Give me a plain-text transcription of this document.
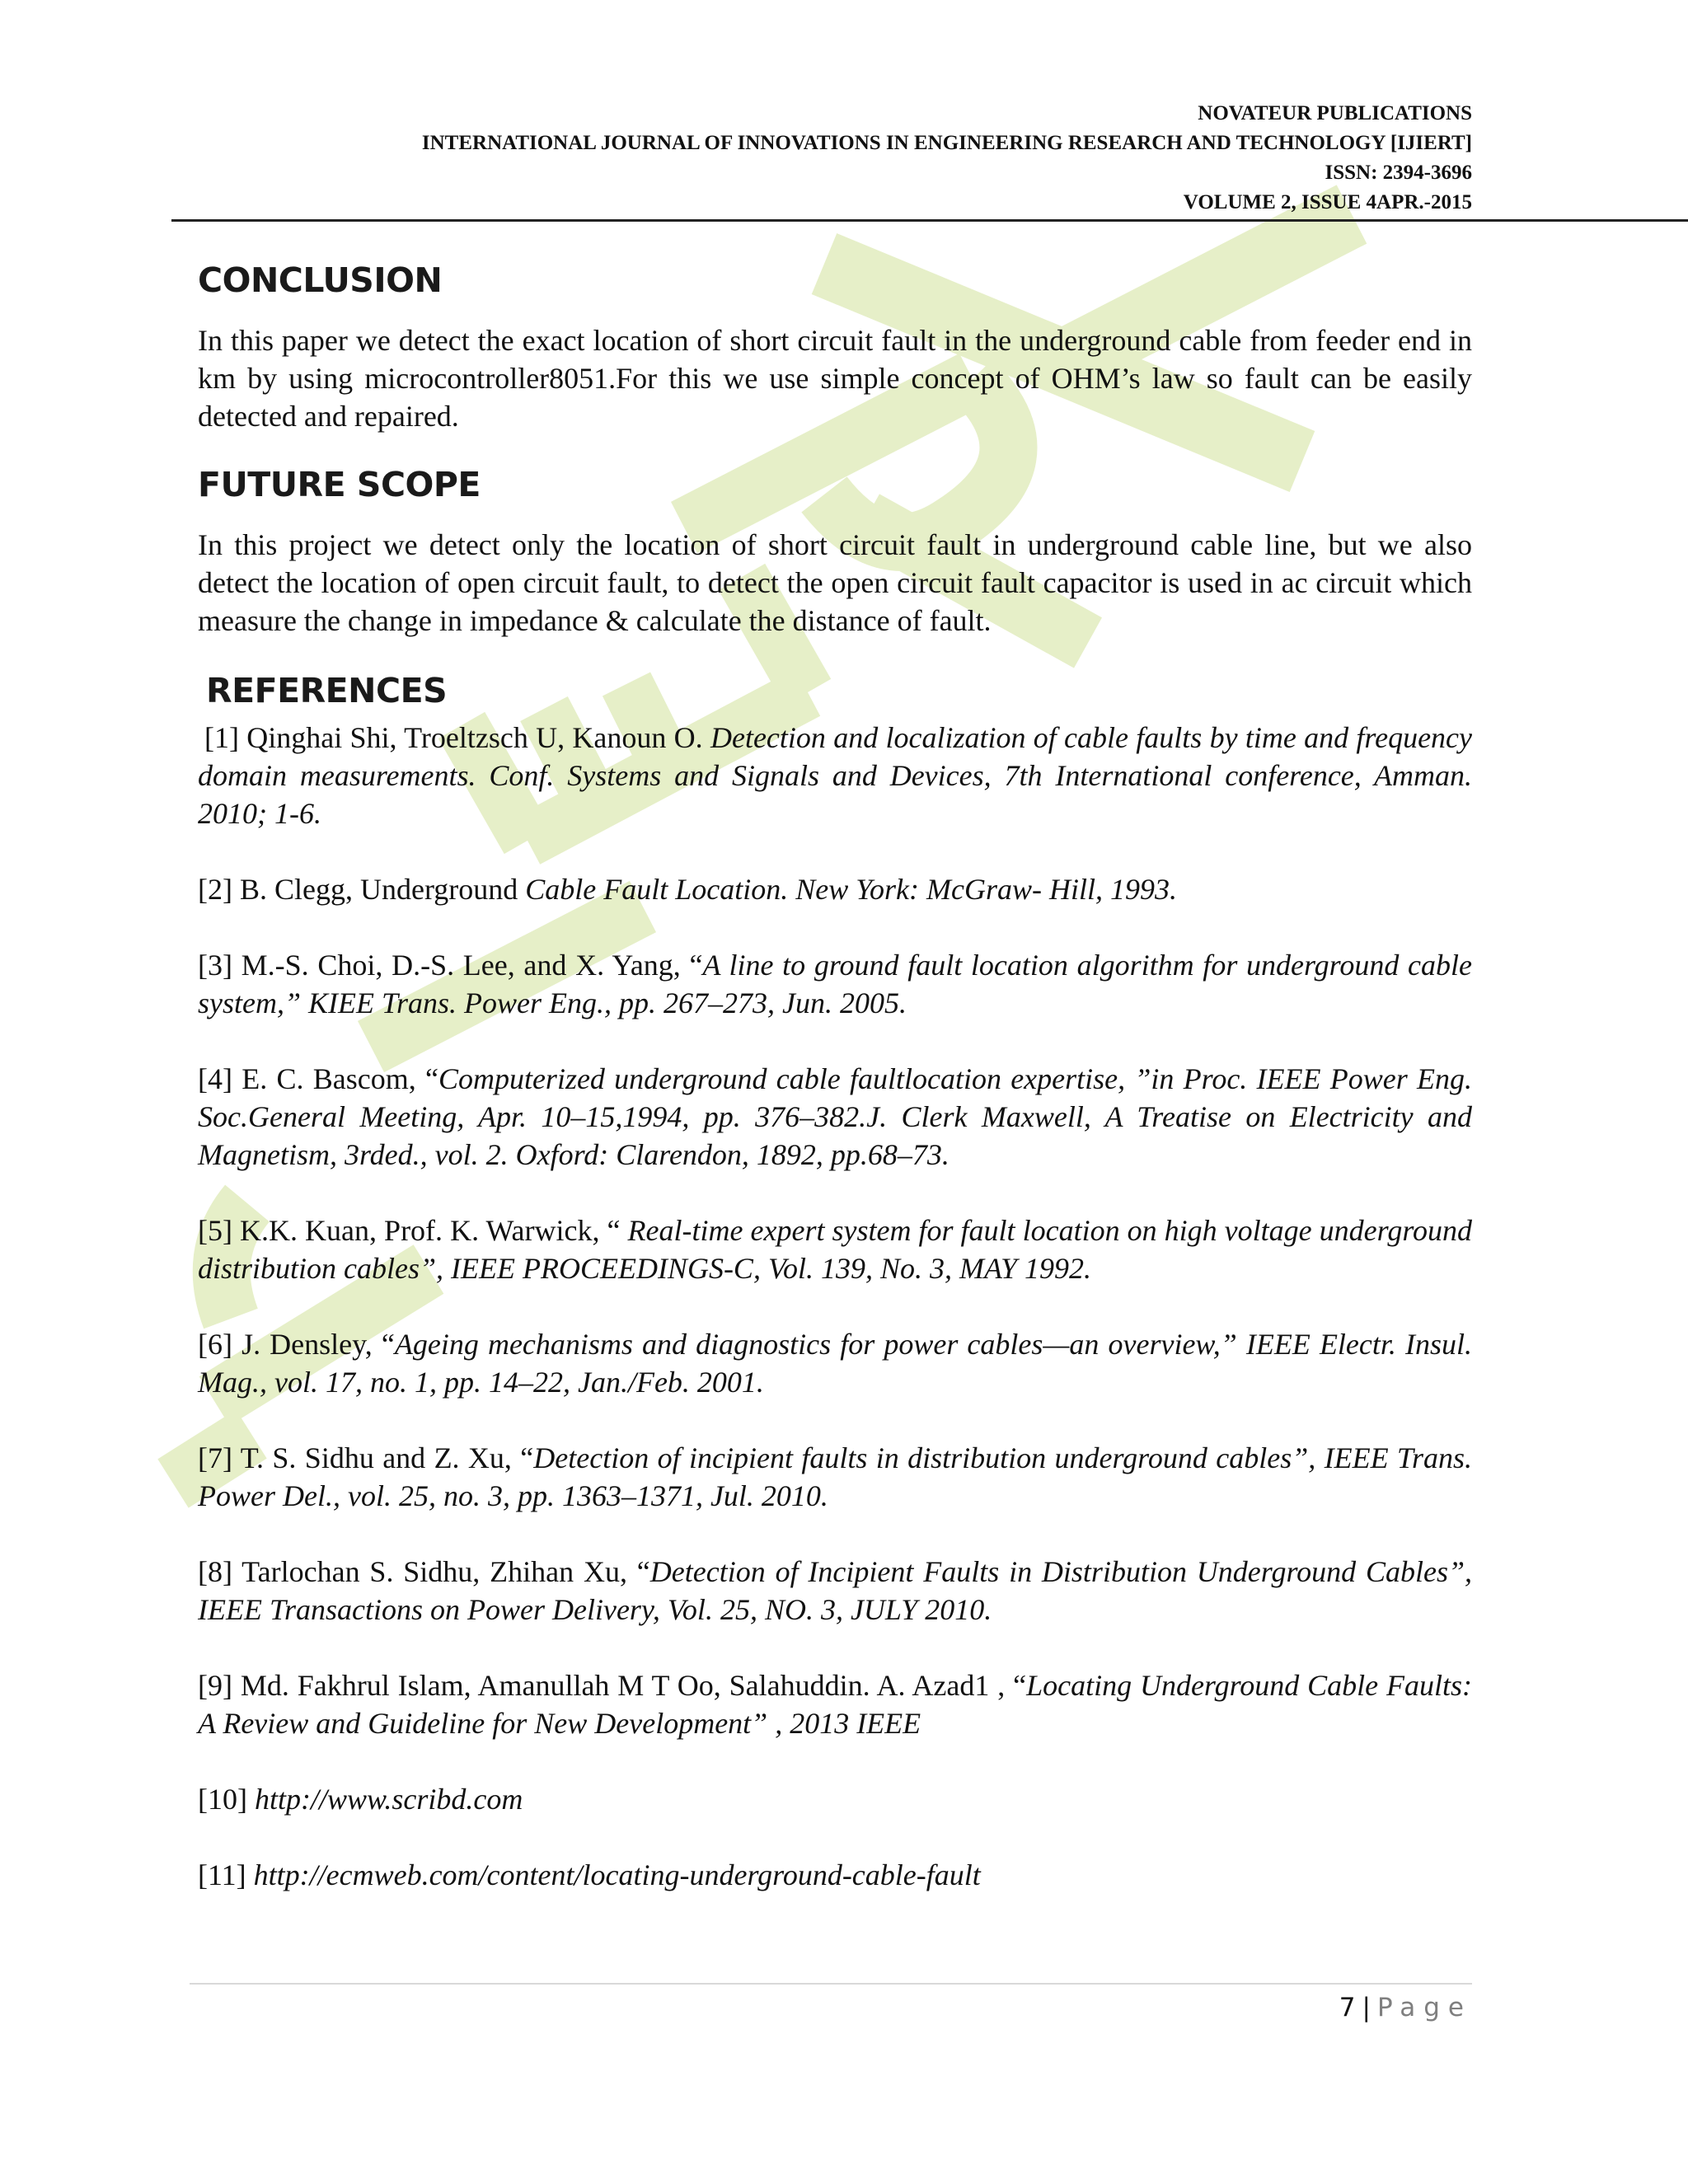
NOVATEUR PUBLICATIONS
INTERNATIONAL JOURNAL OF INNOVATIONS IN ENGINEERING RESEARCH AND TECHNOLOGY [IJIERT]
ISSN: 2394-3696
VOLUME 2, ISSUE 4APR.-2015
CONCLUSION

In this paper we detect the exact location of short circuit fault in the underground cable from feeder end in km by using microcontroller8051.For this we use simple concept of OHM’s law so fault can be easily detected and repaired.

FUTURE SCOPE

In this project we detect only the location of short circuit fault in underground cable line, but we also detect the location of open circuit fault, to detect the open circuit fault capacitor is used in ac circuit which measure the change in impedance & calculate the distance of fault.

REFERENCES

[1] Qinghai Shi, Troeltzsch U, Kanoun O. Detection and localization of cable faults by time and frequency domain measurements. Conf. Systems and Signals and Devices, 7th International conference, Amman. 2010; 1-6.

[2] B. Clegg, Underground Cable Fault Location. New York: McGraw- Hill, 1993.

[3] M.-S. Choi, D.-S. Lee, and X. Yang, “A line to ground fault location algorithm for underground cable system,” KIEE Trans. Power Eng., pp. 267–273, Jun. 2005.

[4] E. C. Bascom, “Computerized underground cable faultlocation expertise, ”in Proc. IEEE Power Eng. Soc.General Meeting, Apr. 10–15,1994, pp. 376–382.J. Clerk Maxwell, A Treatise on Electricity and Magnetism, 3rded., vol. 2. Oxford: Clarendon, 1892, pp.68–73.

[5] K.K. Kuan, Prof. K. Warwick, “ Real-time expert system for fault location on high voltage underground distribution cables”, IEEE PROCEEDINGS-C, Vol. 139, No. 3, MAY 1992.

[6] J. Densley, “Ageing mechanisms and diagnostics for power cables—an overview,” IEEE Electr. Insul. Mag., vol. 17, no. 1, pp. 14–22, Jan./Feb. 2001.

[7] T. S. Sidhu and Z. Xu, “Detection of incipient faults in distribution underground cables”, IEEE Trans. Power Del., vol. 25, no. 3, pp. 1363–1371, Jul. 2010.

[8] Tarlochan S. Sidhu, Zhihan Xu, “Detection of Incipient Faults in Distribution Underground Cables”, IEEE Transactions on Power Delivery, Vol. 25, NO. 3, JULY 2010.

[9] Md. Fakhrul Islam, Amanullah M T Oo, Salahuddin. A. Azad1 , “Locating Underground Cable Faults: A Review and Guideline for New Development” , 2013 IEEE

[10] http://www.scribd.com

[11] http://ecmweb.com/content/locating-underground-cable-fault

7 | Page
